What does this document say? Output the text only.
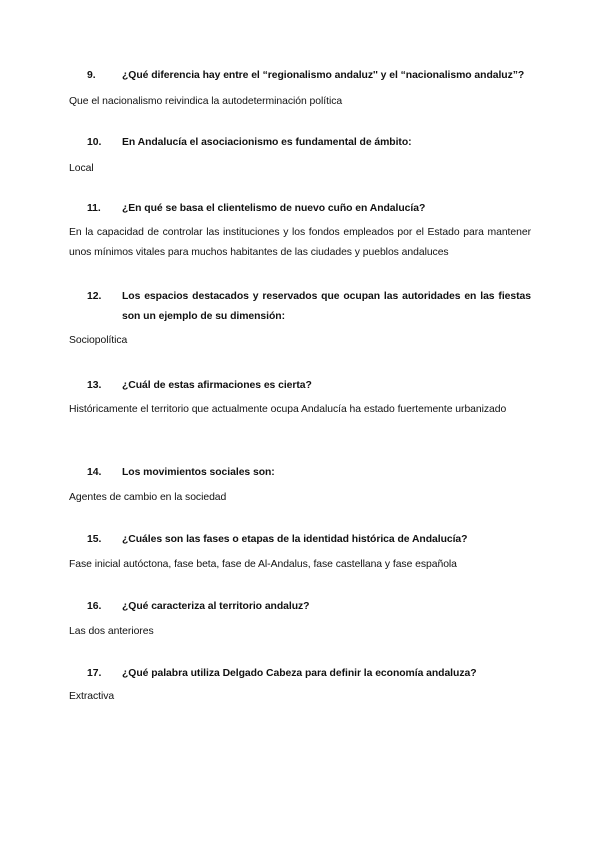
9.	¿Qué diferencia hay entre el “regionalismo andaluz'' y el “nacionalismo andaluz”?

Que el nacionalismo reivindica la autodeterminación política

10.	En Andalucía el asociacionismo es fundamental de ámbito:

Local

11.	¿En qué se basa el clientelismo de nuevo cuño en Andalucía?

En la capacidad de controlar las instituciones y los fondos empleados por el Estado para mantener unos mínimos vitales para muchos habitantes de las ciudades y pueblos andaluces

12.	Los espacios destacados y reservados que ocupan las autoridades en las fiestas son un ejemplo de su dimensión:

Sociopolítica

13.	¿Cuál de estas afirmaciones es cierta?

Históricamente el territorio que actualmente ocupa Andalucía ha estado fuertemente urbanizado

14.	Los movimientos sociales son:

Agentes de cambio en la sociedad

15.	¿Cuáles son las fases o etapas de la identidad histórica de Andalucía?

Fase inicial autóctona, fase beta, fase de Al-Andalus, fase castellana y fase española

16.	¿Qué caracteriza al territorio andaluz?

Las dos anteriores

17.	¿Qué palabra utiliza Delgado Cabeza para definir la economía andaluza?

Extractiva
